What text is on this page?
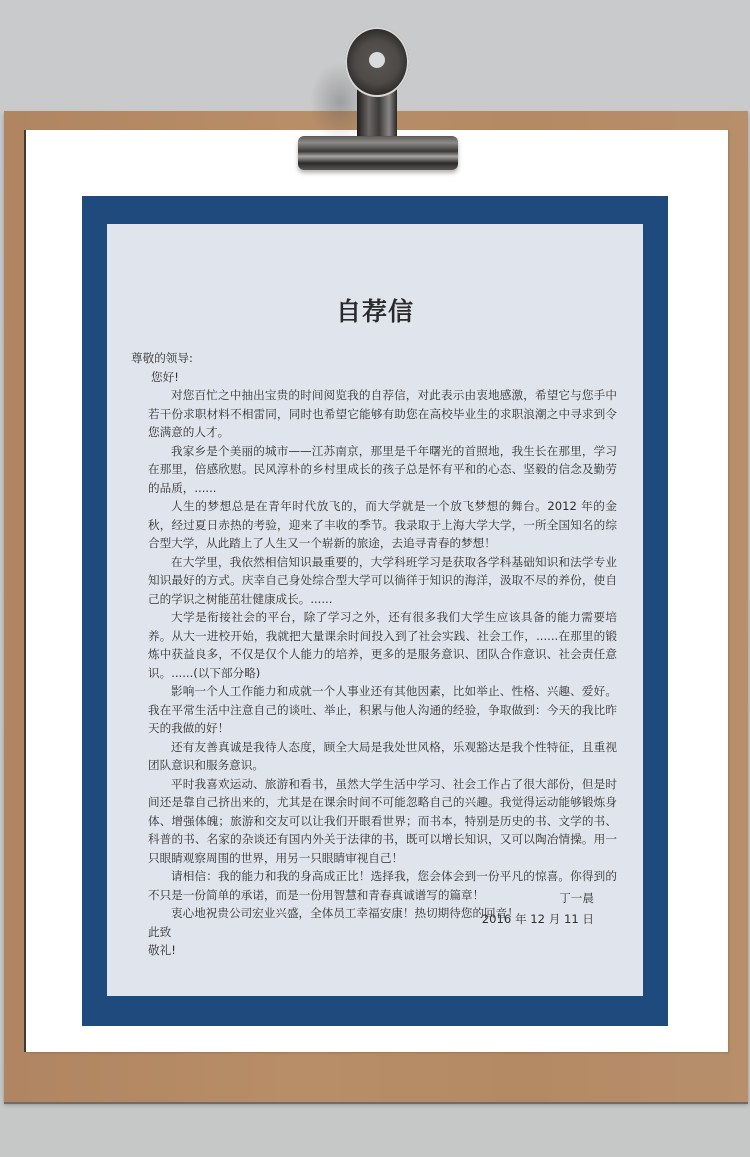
自荐信

尊敬的领导:

您好!

对您百忙之中抽出宝贵的时间阅览我的自荐信，对此表示由衷地感激，希望它与您手中若干份求职材料不相雷同，同时也希望它能够有助您在高校毕业生的求职浪潮之中寻求到令您满意的人才。

我家乡是个美丽的城市——江苏南京，那里是千年曙光的首照地，我生长在那里，学习在那里，倍感欣慰。民风淳朴的乡村里成长的孩子总是怀有平和的心态、坚毅的信念及勤劳的品质，......

人生的梦想总是在青年时代放飞的，而大学就是一个放飞梦想的舞台。2012 年的金秋，经过夏日赤热的考验，迎来了丰收的季节。我录取于上海大学大学，一所全国知名的综合型大学，从此踏上了人生又一个崭新的旅途，去追寻青春的梦想！

在大学里，我依然相信知识最重要的，大学科班学习是获取各学科基础知识和法学专业知识最好的方式。庆幸自己身处综合型大学可以徜徉于知识的海洋，汲取不尽的养份，使自己的学识之树能茁壮健康成长。......

大学是衔接社会的平台，除了学习之外，还有很多我们大学生应该具备的能力需要培养。从大一进校开始，我就把大量课余时间投入到了社会实践、社会工作，......在那里的锻炼中获益良多，不仅是仅个人能力的培养，更多的是服务意识、团队合作意识、社会责任意识。......(以下部分略)

影响一个人工作能力和成就一个人事业还有其他因素，比如举止、性格、兴趣、爱好。我在平常生活中注意自己的谈吐、举止，积累与他人沟通的经验，争取做到：今天的我比昨天的我做的好！

还有友善真诚是我待人态度，顾全大局是我处世风格，乐观豁达是我个性特征，且重视团队意识和服务意识。

平时我喜欢运动、旅游和看书，虽然大学生活中学习、社会工作占了很大部份，但是时间还是靠自己挤出来的，尤其是在课余时间不可能忽略自己的兴趣。我觉得运动能够锻炼身体、增强体魄；旅游和交友可以让我们开眼看世界；而书本，特别是历史的书、文学的书、科普的书、名家的杂谈还有国内外关于法律的书，既可以增长知识，又可以陶冶情操。用一只眼睛观察周围的世界，用另一只眼睛审视自己！

请相信：我的能力和我的身高成正比！选择我，您会体会到一份平凡的惊喜。你得到的不只是一份简单的承诺，而是一份用智慧和青春真诚谱写的篇章！

衷心地祝贵公司宏业兴盛，全体员工幸福安康！热切期待您的回音！

此致

敬礼!

丁一晨
2016 年 12 月 11 日
